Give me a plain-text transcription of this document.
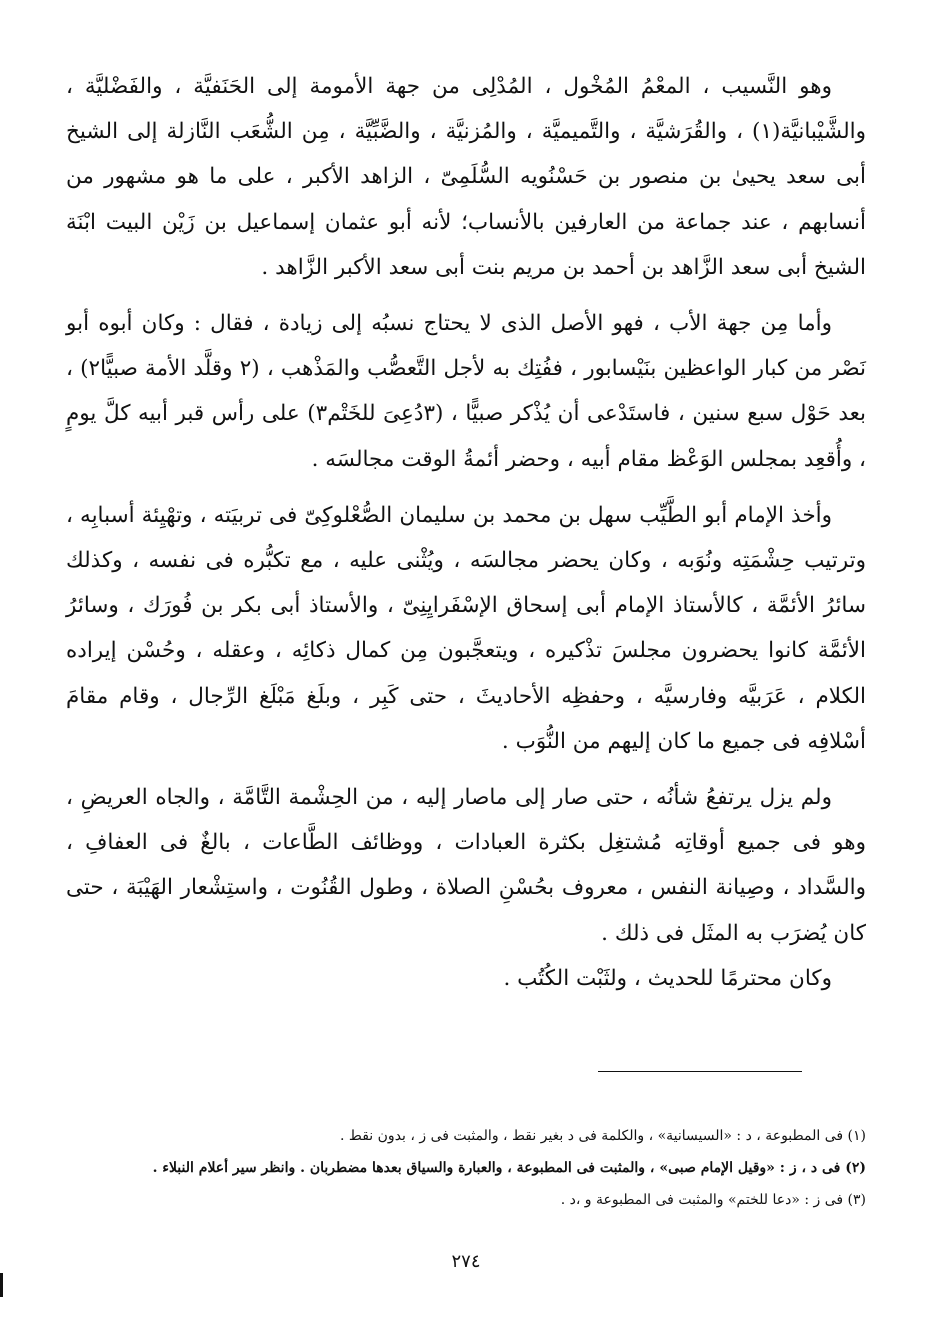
وهو النَّسيب ، المعْمُ المُخْول ، المُدْلِى من جهة الأمومة إلى الحَنَفيَّة ، والفَضْليَّة ، والشَّيْبانيَّة(١) ، والقُرَشيَّة ، والتَّميميَّة ، والمُزنيَّة ، والضَّبِّيَّة ، مِن الشُّعَب النَّازلة إلى الشيخ أبى سعد يحيىٰ بن منصور بن حَسْنُويه السُّلَمِىّ ، الزاهد الأكبر ، على ما هو مشهور من أنسابهم ، عند جماعة من العارفين بالأنساب؛ لأنه أبو عثمان إسماعيل بن زَيْن البيت ابْنَة الشيخ أبى سعد الزَّاهد بن أحمد بن مريم بنت أبى سعد الأكبر الزَّاهد .

وأما مِن جهة الأب ، فهو الأصل الذى لا يحتاج نسبُه إلى زيادة ، فقال : وكان أبوه أبو نَصْر من كبار الواعظين بنَيْسابور ، ففُتِك به لأجل التَّعصُّب والمَذْهب ، (٢ وقلَّد الأمة صبيًّا٢) ، بعد حَوْل سبع سنين ، فاستَدْعى أن يُذْكر صبيًّا ، (٣دُعِىَ للخَتْم٣) على رأس قبر أبيه كلَّ يومٍ ، وأُقعِد بمجلس الوَعْظ مقام أبيه ، وحضر أئمةُ الوقت مجالسَه .

وأخذ الإمام أبو الطَّيِّب سهل بن محمد بن سليمان الصُّعْلوكِىّ فى تربيَته ، وتهْيِئة أسبابِه ، وترتيب حِشْمَتِه ونُوَبه ، وكان يحضر مجالسَه ، ويُثْنى عليه ، مع تكبُّره فى نفسه ، وكذلك سائرُ الأئمَّة ، كالأستاذ الإمام أبى إسحاق الإسْفَرايِنِىّ ، والأستاذ أبى بكر بن فُورَك ، وسائرُ الأئمَّة كانوا يحضرون مجلسَ تذْكيره ، ويتعجَّبون مِن كمال ذكائِه ، وعقله ، وحُسْن إيراده الكلام ، عَرَبيَّه وفارسيَّه ، وحفظِه الأحاديثَ ، حتى كَبِر ، وبلَغ مَبْلَغ الرِّجال ، وقام مقامَ أسْلافِه فى جميع ما كان إليهم من النُّوَب .

ولم يزل يرتفعُ شأنُه ، حتى صار إلى ماصار إليه ، من الحِشْمة التَّامَّة ، والجاه العريضِ ، وهو فى جميع أوقاتِه مُشتغِل بكثرة العبادات ، ووظائف الطَّاعات ، بالغٌ فى العفافِ ، والسَّداد ، وصِيانة النفس ، معروف بحُسْنِ الصلاة ، وطول القُنُوت ، واستِشْعار الهَيْبَة ، حتى كان يُضرَب به المثَل فى ذلك .

وكان محترمًا للحديث ، ولثَبْت الكُتُب .

(١) فى المطبوعة ، د : «السيسانية» ، والكلمة فى د بغير نقط ، والمثبت فى ز ، بدون نقط .

(٢) فى د ، ز : «وقيل الإمام صبى» ، والمثبت فى المطبوعة ، والعبارة والسياق بعدها مضطربان . وانظر سير أعلام النبلاء .

(٣) فى ز : «دعا للختم» والمثبت فى المطبوعة و ،د .

٢٧٤
